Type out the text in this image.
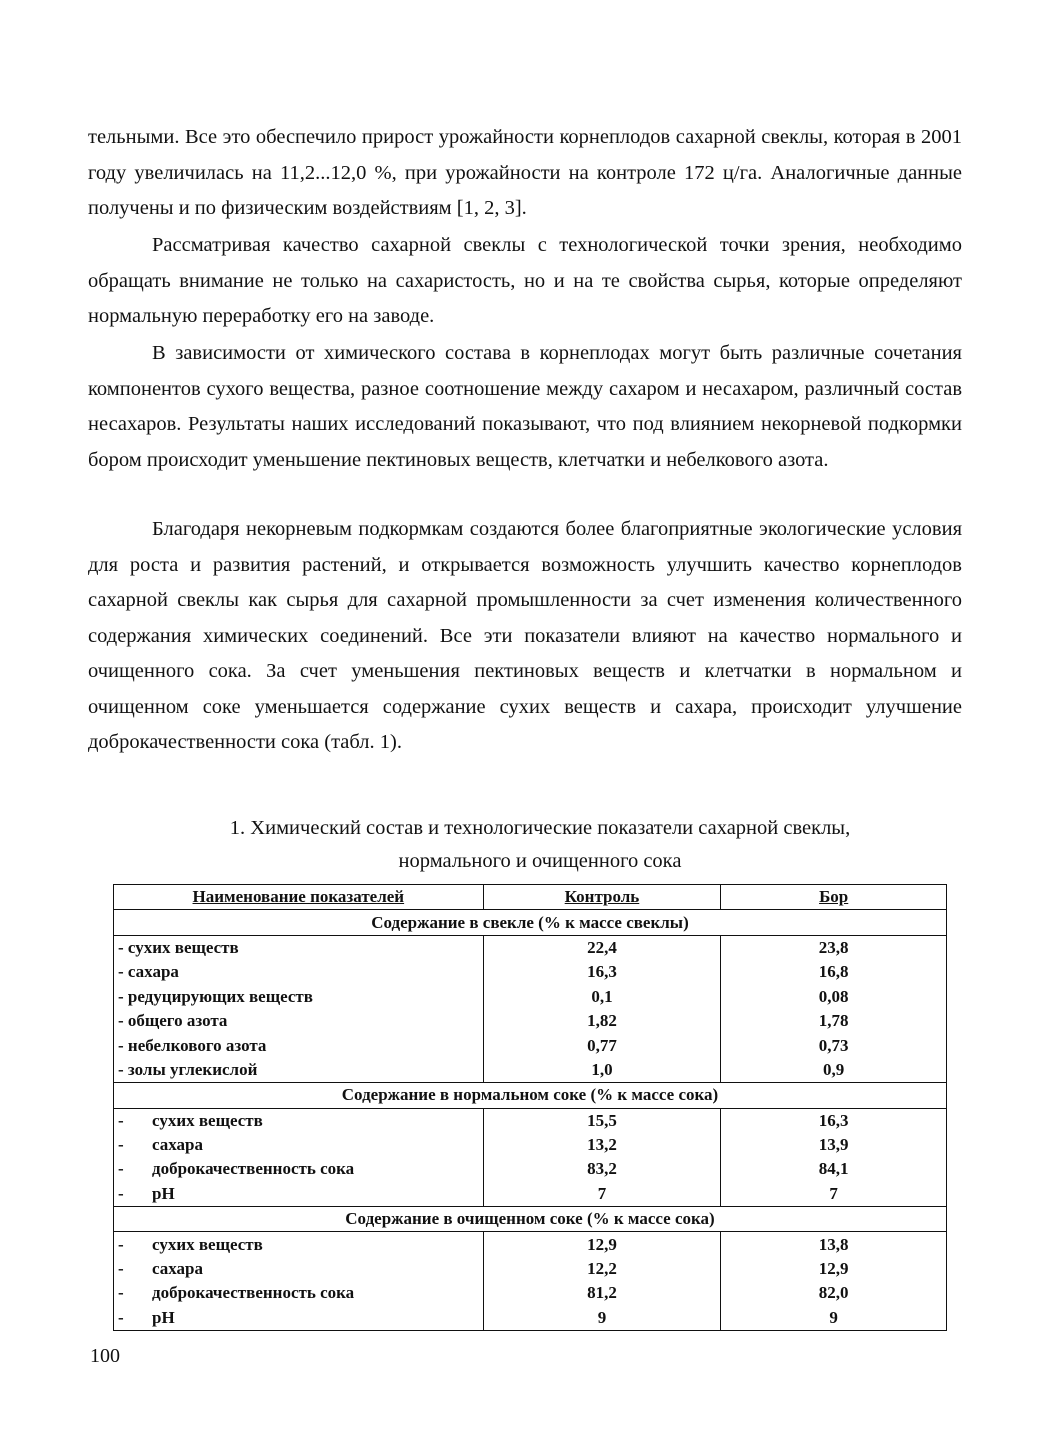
тельными. Все это обеспечило прирост урожайности корнеплодов сахарной свеклы, которая в 2001 году увеличилась на 11,2...12,0 %, при урожайности на контроле 172 ц/га. Аналогичные данные получены и по физическим воздействиям [1, 2, 3].

Рассматривая качество сахарной свеклы с технологической точки зрения, необходимо обращать внимание не только на сахаристость, но и на те свойства сырья, которые определяют нормальную переработку его на заводе.

В зависимости от химического состава в корнеплодах могут быть различные сочетания компонентов сухого вещества, разное соотношение между сахаром и несахаром, различный состав несахаров. Результаты наших исследований показывают, что под влиянием некорневой подкормки бором происходит уменьшение пектиновых веществ, клетчатки и небелкового азота.

Благодаря некорневым подкормкам создаются более благоприятные экологические условия для роста и развития растений, и открывается возможность улучшить качество корнеплодов сахарной свеклы как сырья для сахарной промышленности за счет изменения количественного содержания химических соединений. Все эти показатели влияют на качество нормального и очищенного сока. За счет уменьшения пектиновых веществ и клетчатки в нормальном и очищенном соке уменьшается содержание сухих веществ и сахара, происходит улучшение доброкачественности сока (табл. 1).

1. Химический состав и технологические показатели сахарной свеклы,
нормального и очищенного сока
Наименование показателей	Контроль	Бор
Содержание в свекле (% к массе свеклы)		
- сухих веществ	22,4	23,8
- сахара	16,3	16,8
- редуцирующих веществ	0,1	0,08
- общего азота	1,82	1,78
- небелкового азота	0,77	0,73
- золы углекислой	1,0	0,9
Содержание в нормальном соке (% к массе сока)		
- сухих веществ	15,5	16,3
- сахара	13,2	13,9
- доброкачественность сока	83,2	84,1
- pH	7	7
Содержание в очищенном соке (% к массе сока)		
- сухих веществ	12,9	13,8
- сахара	12,2	12,9
- доброкачественность сока	81,2	82,0
- pH	9	9
100
